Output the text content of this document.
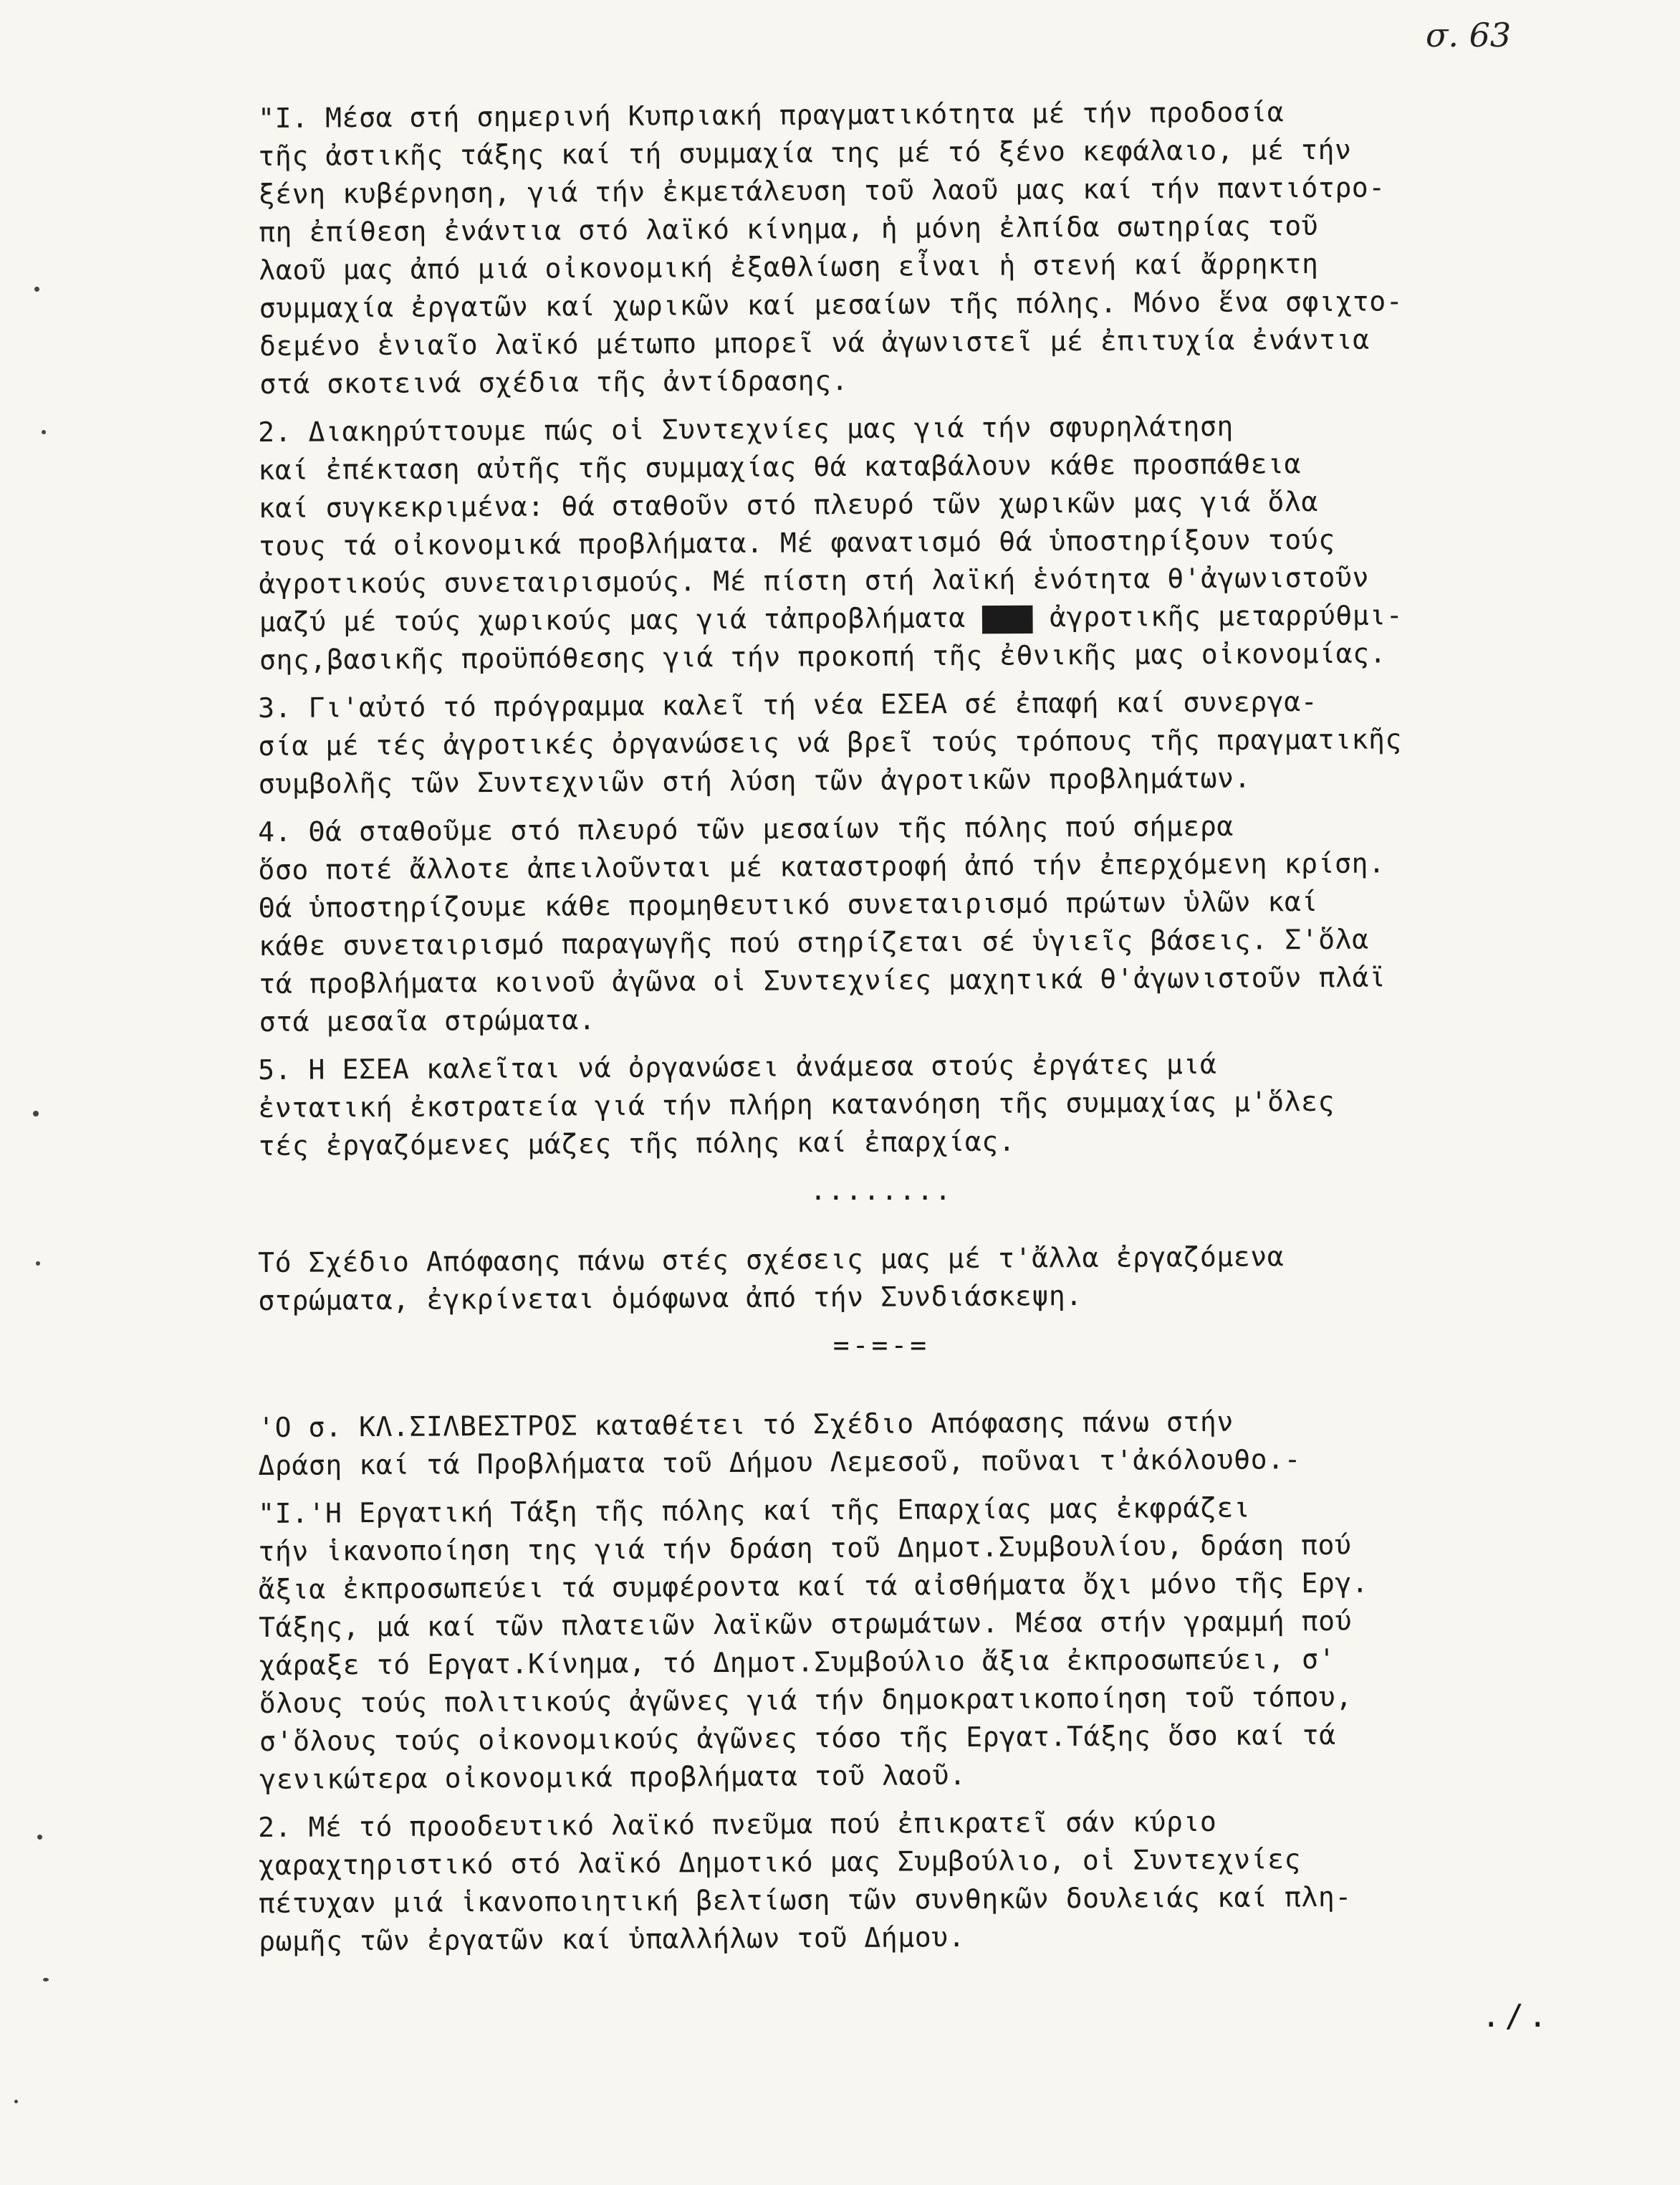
σ. 63

"I. Μέσα στή σημερινή Κυπριακή πραγματικότητα μέ τήν προδοσία
τῆς ἀστικῆς τάξης καί τή συμμαχία της μέ τό ξένο κεφάλαιο, μέ τήν
ξένη κυβέρνηση, γιά τήν ἐκμετάλευση τοῦ λαοῦ μας καί τήν παντιότρο-
πη ἐπίθεση ἐνάντια στό λαϊκό κίνημα, ἡ μόνη ἐλπίδα σωτηρίας τοῦ
λαοῦ μας ἀπό μιά οἰκονομική ἐξαθλίωση εἶναι ἡ στενή καί ἄρρηκτη
συμμαχία ἐργατῶν καί χωρικῶν καί μεσαίων τῆς πόλης. Μόνο ἕνα σφιχτο-
δεμένο ἑνιαῖο λαϊκό μέτωπο μπορεῖ νά ἀγωνιστεῖ μέ ἐπιτυχία ἐνάντια
στά σκοτεινά σχέδια τῆς ἀντίδρασης.

2. Διακηρύττουμε πώς οἱ Συντεχνίες μας γιά τήν σφυρηλάτηση
καί ἐπέκταση αὐτῆς τῆς συμμαχίας θά καταβάλουν κάθε προσπάθεια
καί συγκεκριμένα: θά σταθοῦν στό πλευρό τῶν χωρικῶν μας γιά ὅλα
τους τά οἰκονομικά προβλήματα. Μέ φανατισμό θά ὑποστηρίξουν τούς
ἀγροτικούς συνεταιρισμούς. Μέ πίστη στή λαϊκή ἑνότητα θ'ἀγωνιστοῦν
μαζύ μέ τούς χωρικούς μας γιά τἀπροβλήματα ▇▇▇ ἀγροτικῆς μεταρρύθμι-
σης,βασικῆς προϋπόθεσης γιά τήν προκοπή τῆς ἐθνικῆς μας οἰκονομίας.

3. Γι'αὐτό τό πρόγραμμα καλεῖ τή νέα ΕΣΕΑ σέ ἐπαφή καί συνεργα-
σία μέ τές ἀγροτικές ὀργανώσεις νά βρεῖ τούς τρόπους τῆς πραγματικῆς
συμβολῆς τῶν Συντεχνιῶν στή λύση τῶν ἀγροτικῶν προβλημάτων.

4. Θά σταθοῦμε στό πλευρό τῶν μεσαίων τῆς πόλης πού σήμερα
ὅσο ποτέ ἄλλοτε ἀπειλοῦνται μέ καταστροφή ἀπό τήν ἐπερχόμενη κρίση.
Θά ὑποστηρίζουμε κάθε προμηθευτικό συνεταιρισμό πρώτων ὑλῶν καί
κάθε συνεταιρισμό παραγωγῆς πού στηρίζεται σέ ὑγιεῖς βάσεις. Σ'ὅλα
τά προβλήματα κοινοῦ ἀγῶνα οἱ Συντεχνίες μαχητικά θ'ἀγωνιστοῦν πλάϊ
στά μεσαῖα στρώματα.

5. Η ΕΣΕΑ καλεῖται νά ὀργανώσει ἀνάμεσα στούς ἐργάτες μιά
ἐντατική ἐκστρατεία γιά τήν πλήρη κατανόηση τῆς συμμαχίας μ'ὅλες
τές ἐργαζόμενες μάζες τῆς πόλης καί ἐπαρχίας.

........

Τό Σχέδιο Απόφασης πάνω στές σχέσεις μας μέ τ'ἄλλα ἐργαζόμενα
στρώματα, ἐγκρίνεται ὁμόφωνα ἀπό τήν Συνδιάσκεψη.

=-=-=

'Ο σ. ΚΛ.ΣΙΛΒΕΣΤΡΟΣ καταθέτει τό Σχέδιο Απόφασης πάνω στήν
Δράση καί τά Προβλήματα τοῦ Δήμου Λεμεσοῦ, ποῦναι τ'ἀκόλουθο.-

"I.'Η Εργατική Τάξη τῆς πόλης καί τῆς Επαρχίας μας ἐκφράζει
τήν ἱκανοποίηση της γιά τήν δράση τοῦ Δημοτ.Συμβουλίου, δράση πού
ἄξια ἐκπροσωπεύει τά συμφέροντα καί τά αἰσθήματα ὄχι μόνο τῆς Εργ.
Τάξης, μά καί τῶν πλατειῶν λαϊκῶν στρωμάτων. Μέσα στήν γραμμή πού
χάραξε τό Εργατ.Κίνημα, τό Δημοτ.Συμβούλιο ἄξια ἐκπροσωπεύει, σ'
ὅλους τούς πολιτικούς ἀγῶνες γιά τήν δημοκρατικοποίηση τοῦ τόπου,
σ'ὅλους τούς οἰκονομικούς ἀγῶνες τόσο τῆς Εργατ.Τάξης ὅσο καί τά
γενικώτερα οἰκονομικά προβλήματα τοῦ λαοῦ.

2. Μέ τό προοδευτικό λαϊκό πνεῦμα πού ἐπικρατεῖ σάν κύριο
χαραχτηριστικό στό λαϊκό Δημοτικό μας Συμβούλιο, οἱ Συντεχνίες
πέτυχαν μιά ἱκανοποιητική βελτίωση τῶν συνθηκῶν δουλειάς καί πλη-
ρωμῆς τῶν ἐργατῶν καί ὑπαλλήλων τοῦ Δήμου.

./.
